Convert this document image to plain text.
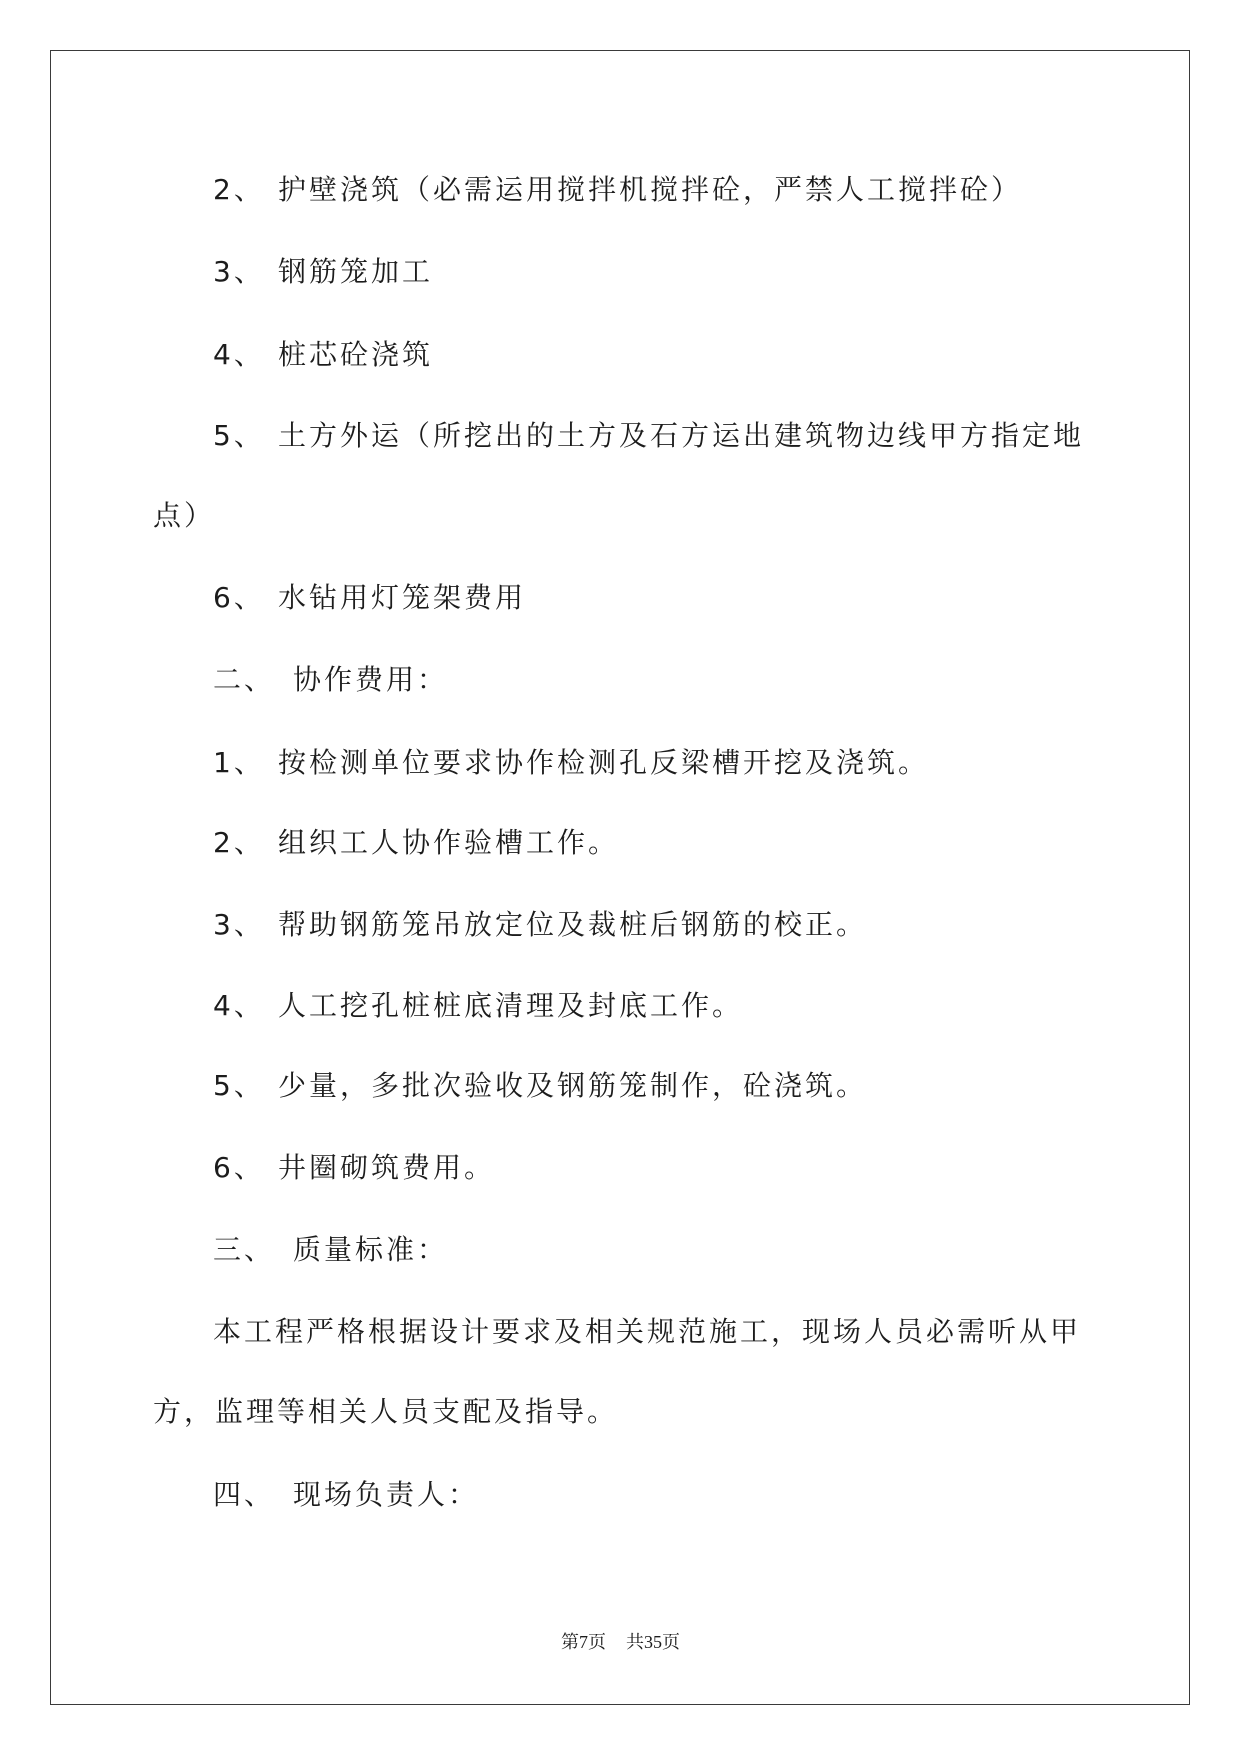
2、 护壁浇筑（必需运用搅拌机搅拌砼，严禁人工搅拌砼）
3、 钢筋笼加工
4、 桩芯砼浇筑
5、 土方外运（所挖出的土方及石方运出建筑物边线甲方指定地
点）
6、 水钻用灯笼架费用
二、 协作费用：
1、 按检测单位要求协作检测孔反梁槽开挖及浇筑。
2、 组织工人协作验槽工作。
3、 帮助钢筋笼吊放定位及裁桩后钢筋的校正。
4、 人工挖孔桩桩底清理及封底工作。
5、 少量，多批次验收及钢筋笼制作，砼浇筑。
6、 井圈砌筑费用。
三、 质量标准：
本工程严格根据设计要求及相关规范施工，现场人员必需听从甲
方，监理等相关人员支配及指导。
四、 现场负责人：
第7页 共35页
